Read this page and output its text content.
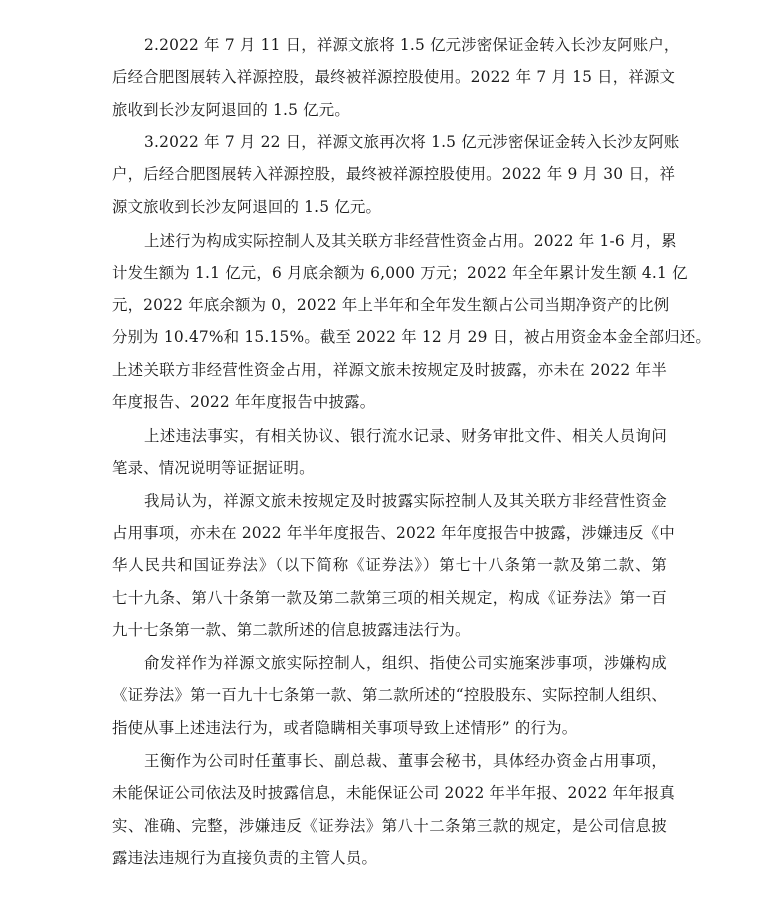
2.2022 年 7 月 11 日，祥源文旅将 1.5 亿元涉密保证金转入长沙友阿账户，
后经合肥图展转入祥源控股，最终被祥源控股使用。2022 年 7 月 15 日，祥源文
旅收到长沙友阿退回的 1.5 亿元。
3.2022 年 7 月 22 日，祥源文旅再次将 1.5 亿元涉密保证金转入长沙友阿账
户，后经合肥图展转入祥源控股，最终被祥源控股使用。2022 年 9 月 30 日，祥
源文旅收到长沙友阿退回的 1.5 亿元。
上述行为构成实际控制人及其关联方非经营性资金占用。2022 年 1-6 月，累
计发生额为 1.1 亿元，6 月底余额为 6,000 万元；2022 年全年累计发生额 4.1 亿
元，2022 年底余额为 0，2022 年上半年和全年发生额占公司当期净资产的比例
分别为 10.47%和 15.15%。截至 2022 年 12 月 29 日，被占用资金本金全部归还。
上述关联方非经营性资金占用，祥源文旅未按规定及时披露，亦未在 2022 年半
年度报告、2022 年年度报告中披露。
上述违法事实，有相关协议、银行流水记录、财务审批文件、相关人员询问
笔录、情况说明等证据证明。
我局认为，祥源文旅未按规定及时披露实际控制人及其关联方非经营性资金
占用事项，亦未在 2022 年半年度报告、2022 年年度报告中披露，涉嫌违反《中
华人民共和国证券法》（以下简称《证券法》）第七十八条第一款及第二款、第
七十九条、第八十条第一款及第二款第三项的相关规定，构成《证券法》第一百
九十七条第一款、第二款所述的信息披露违法行为。
俞发祥作为祥源文旅实际控制人，组织、指使公司实施案涉事项，涉嫌构成
《证券法》第一百九十七条第一款、第二款所述的“控股股东、实际控制人组织、
指使从事上述违法行为，或者隐瞒相关事项导致上述情形” 的行为。
王衡作为公司时任董事长、副总裁、董事会秘书，具体经办资金占用事项，
未能保证公司依法及时披露信息，未能保证公司 2022 年半年报、2022 年年报真
实、准确、完整，涉嫌违反《证券法》第八十二条第三款的规定，是公司信息披
露违法违规行为直接负责的主管人员。
